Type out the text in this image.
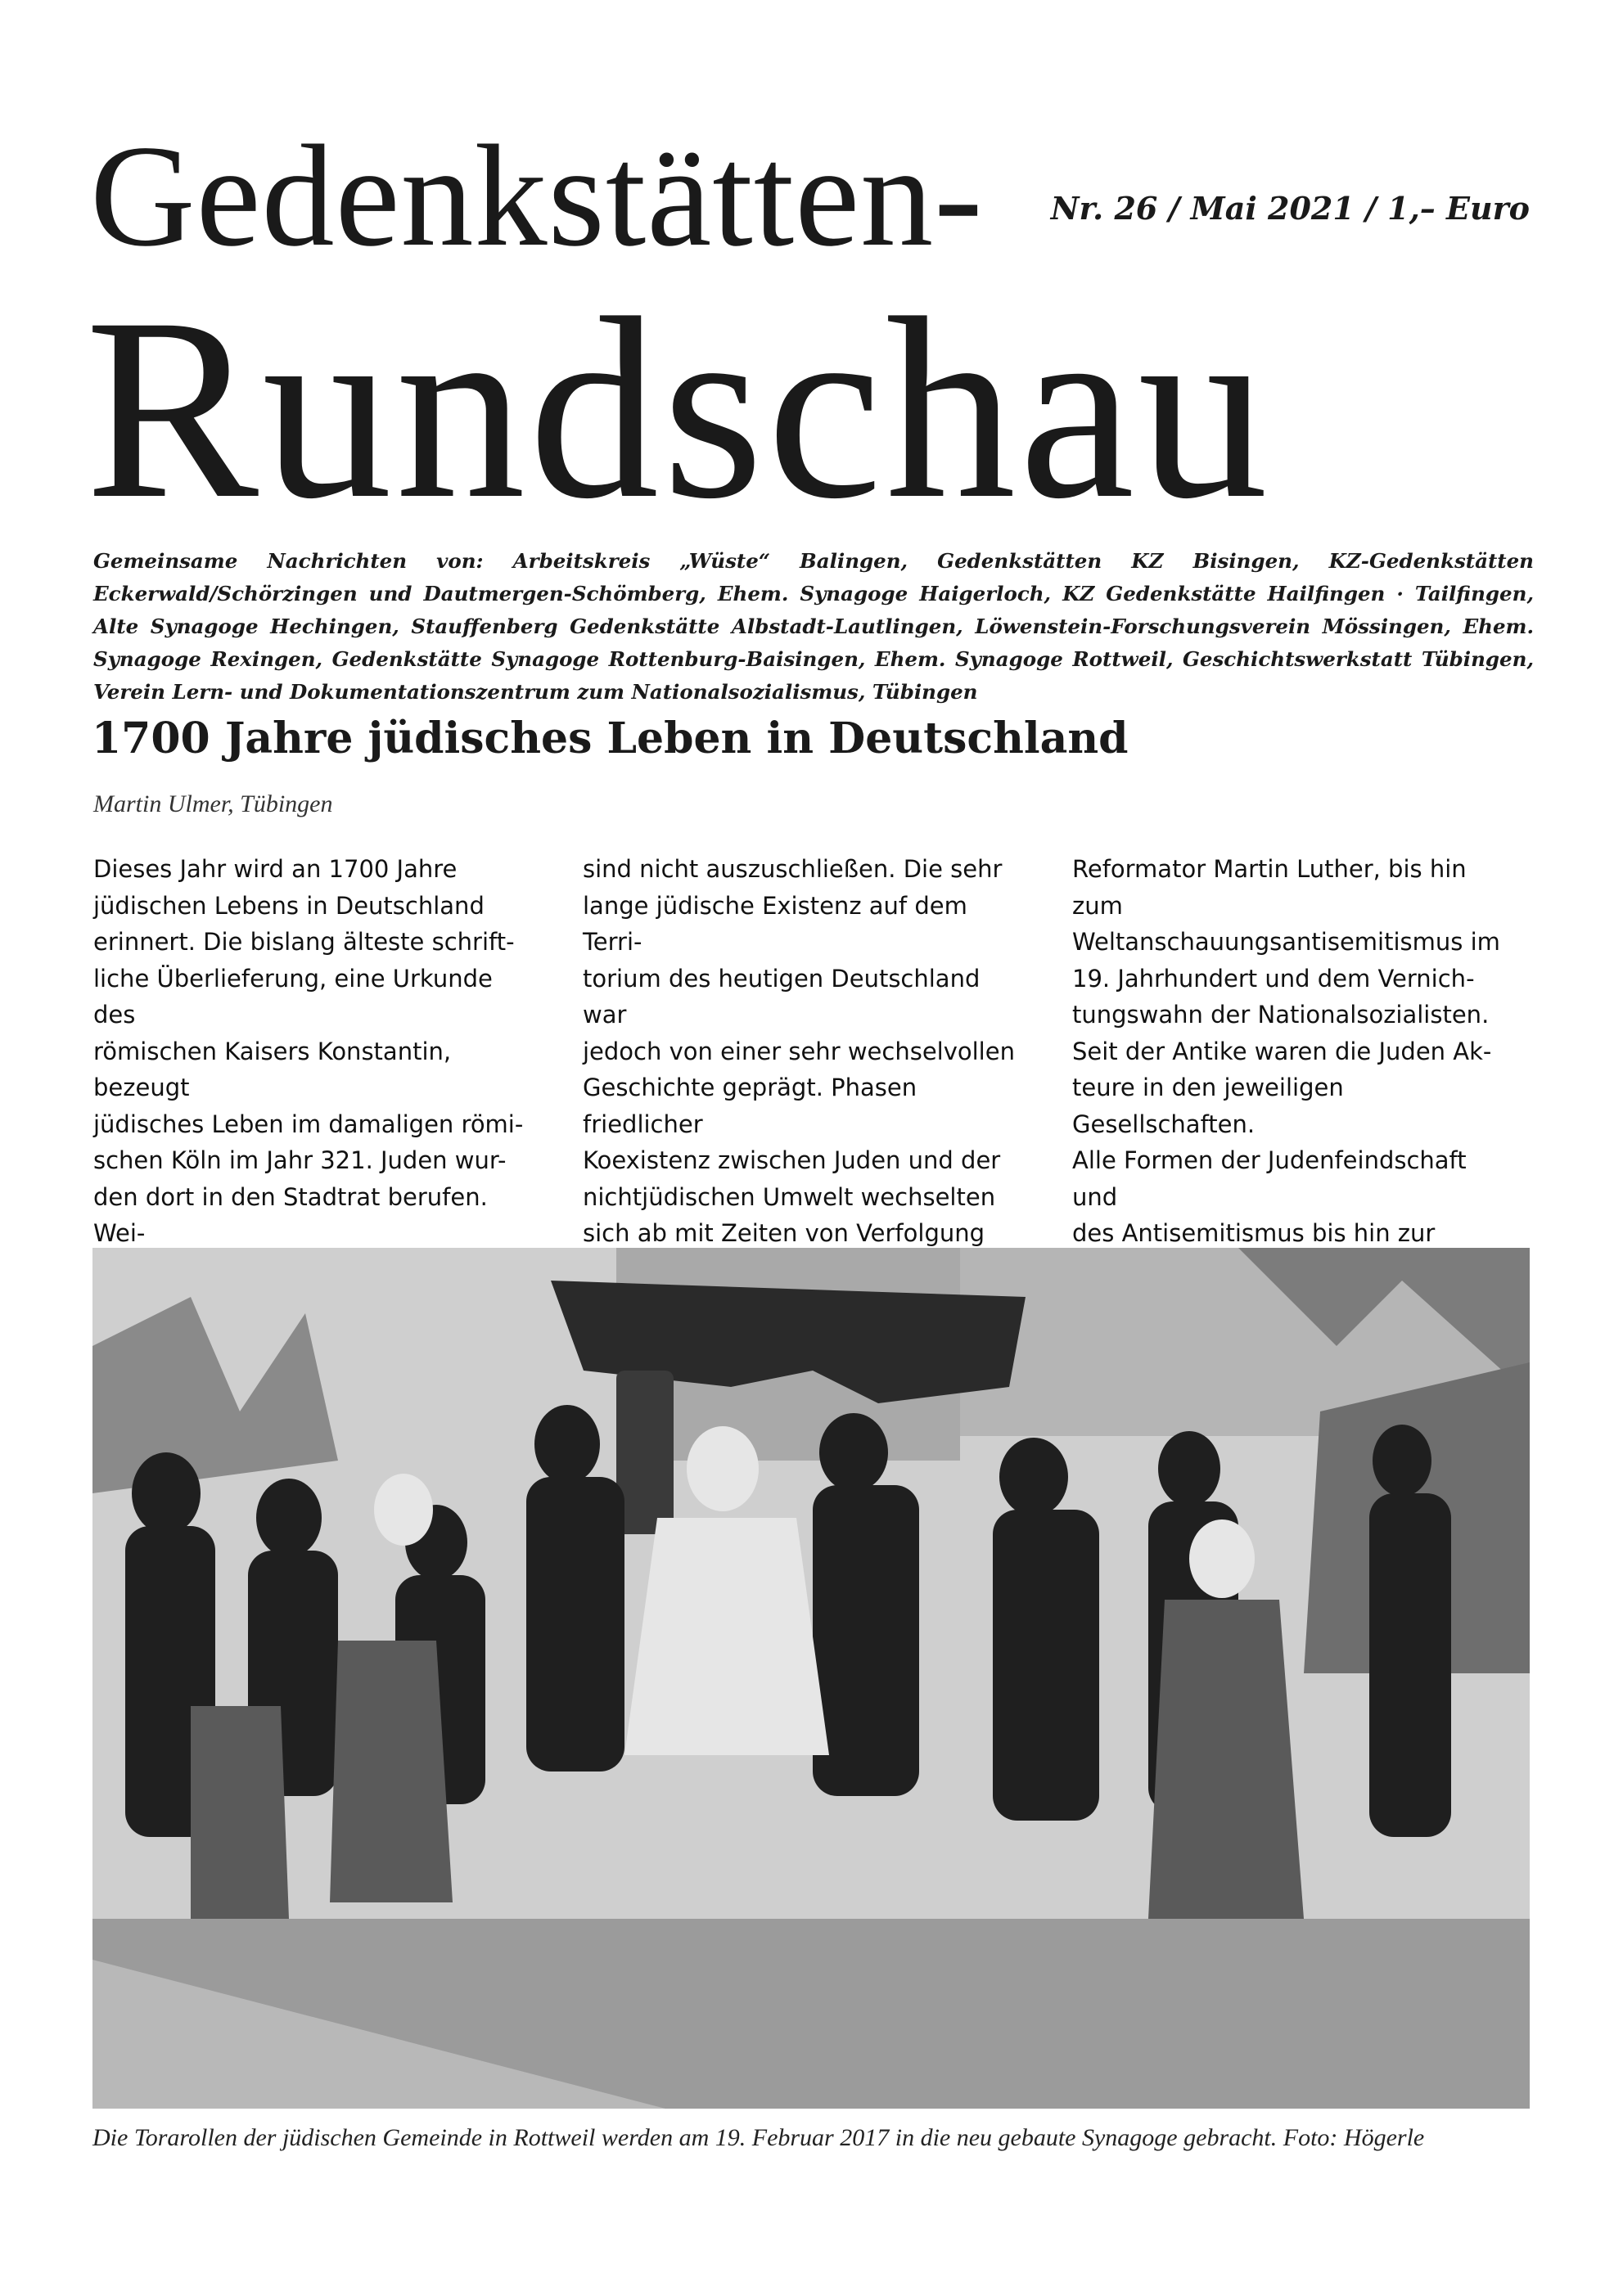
Gedenkstätten- Nr. 26 / Mai 2021 / 1,– Euro
Rundschau
Gemeinsame Nachrichten von: Arbeitskreis „Wüste“ Balingen, Gedenkstätten KZ Bisingen, KZ-Gedenkstätten Eckerwald/Schörzingen und Dautmergen-Schömberg, Ehem. Synagoge Haigerloch, KZ Gedenkstätte Hailfingen · Tailfingen, Alte Synagoge Hechingen, Stauffenberg Gedenkstätte Albstadt-Lautlingen, Löwenstein-Forschungsverein Mössingen, Ehem. Synagoge Rexingen, Gedenkstätte Synagoge Rottenburg-Baisingen, Ehem. Synagoge Rottweil, Geschichtswerkstatt Tübingen, Verein Lern- und Dokumentationszentrum zum Nationalsozialismus, Tübingen
1700 Jahre jüdisches Leben in Deutschland
Martin Ulmer, Tübingen
Dieses Jahr wird an 1700 Jahre
jüdischen Lebens in Deutschland
erinnert. Die bislang älteste schrift-
liche Überlieferung, eine Urkunde des
römischen Kaisers Konstantin, bezeugt
jüdisches Leben im damaligen römi-
schen Köln im Jahr 321. Juden wur-
den dort in den Stadtrat berufen. Wei-

sind nicht auszuschließen. Die sehr
lange jüdische Existenz auf dem Terri-
torium des heutigen Deutschland war
jedoch von einer sehr wechselvollen
Geschichte geprägt. Phasen friedlicher
Koexistenz zwischen Juden und der
nichtjüdischen Umwelt wechselten
sich ab mit Zeiten von Verfolgung

Reformator Martin Luther, bis hin zum
Weltanschauungsantisemitismus im
19. Jahrhundert und dem Vernich-
tungswahn der Nationalsozialisten.
Seit der Antike waren die Juden Ak-
teure in den jeweiligen Gesellschaften.
Alle Formen der Judenfeindschaft und
des Antisemitismus bis hin zur

Die Torarollen der jüdischen Gemeinde in Rottweil werden am 19. Februar 2017 in die neu gebaute Synagoge gebracht. Foto: Högerle
